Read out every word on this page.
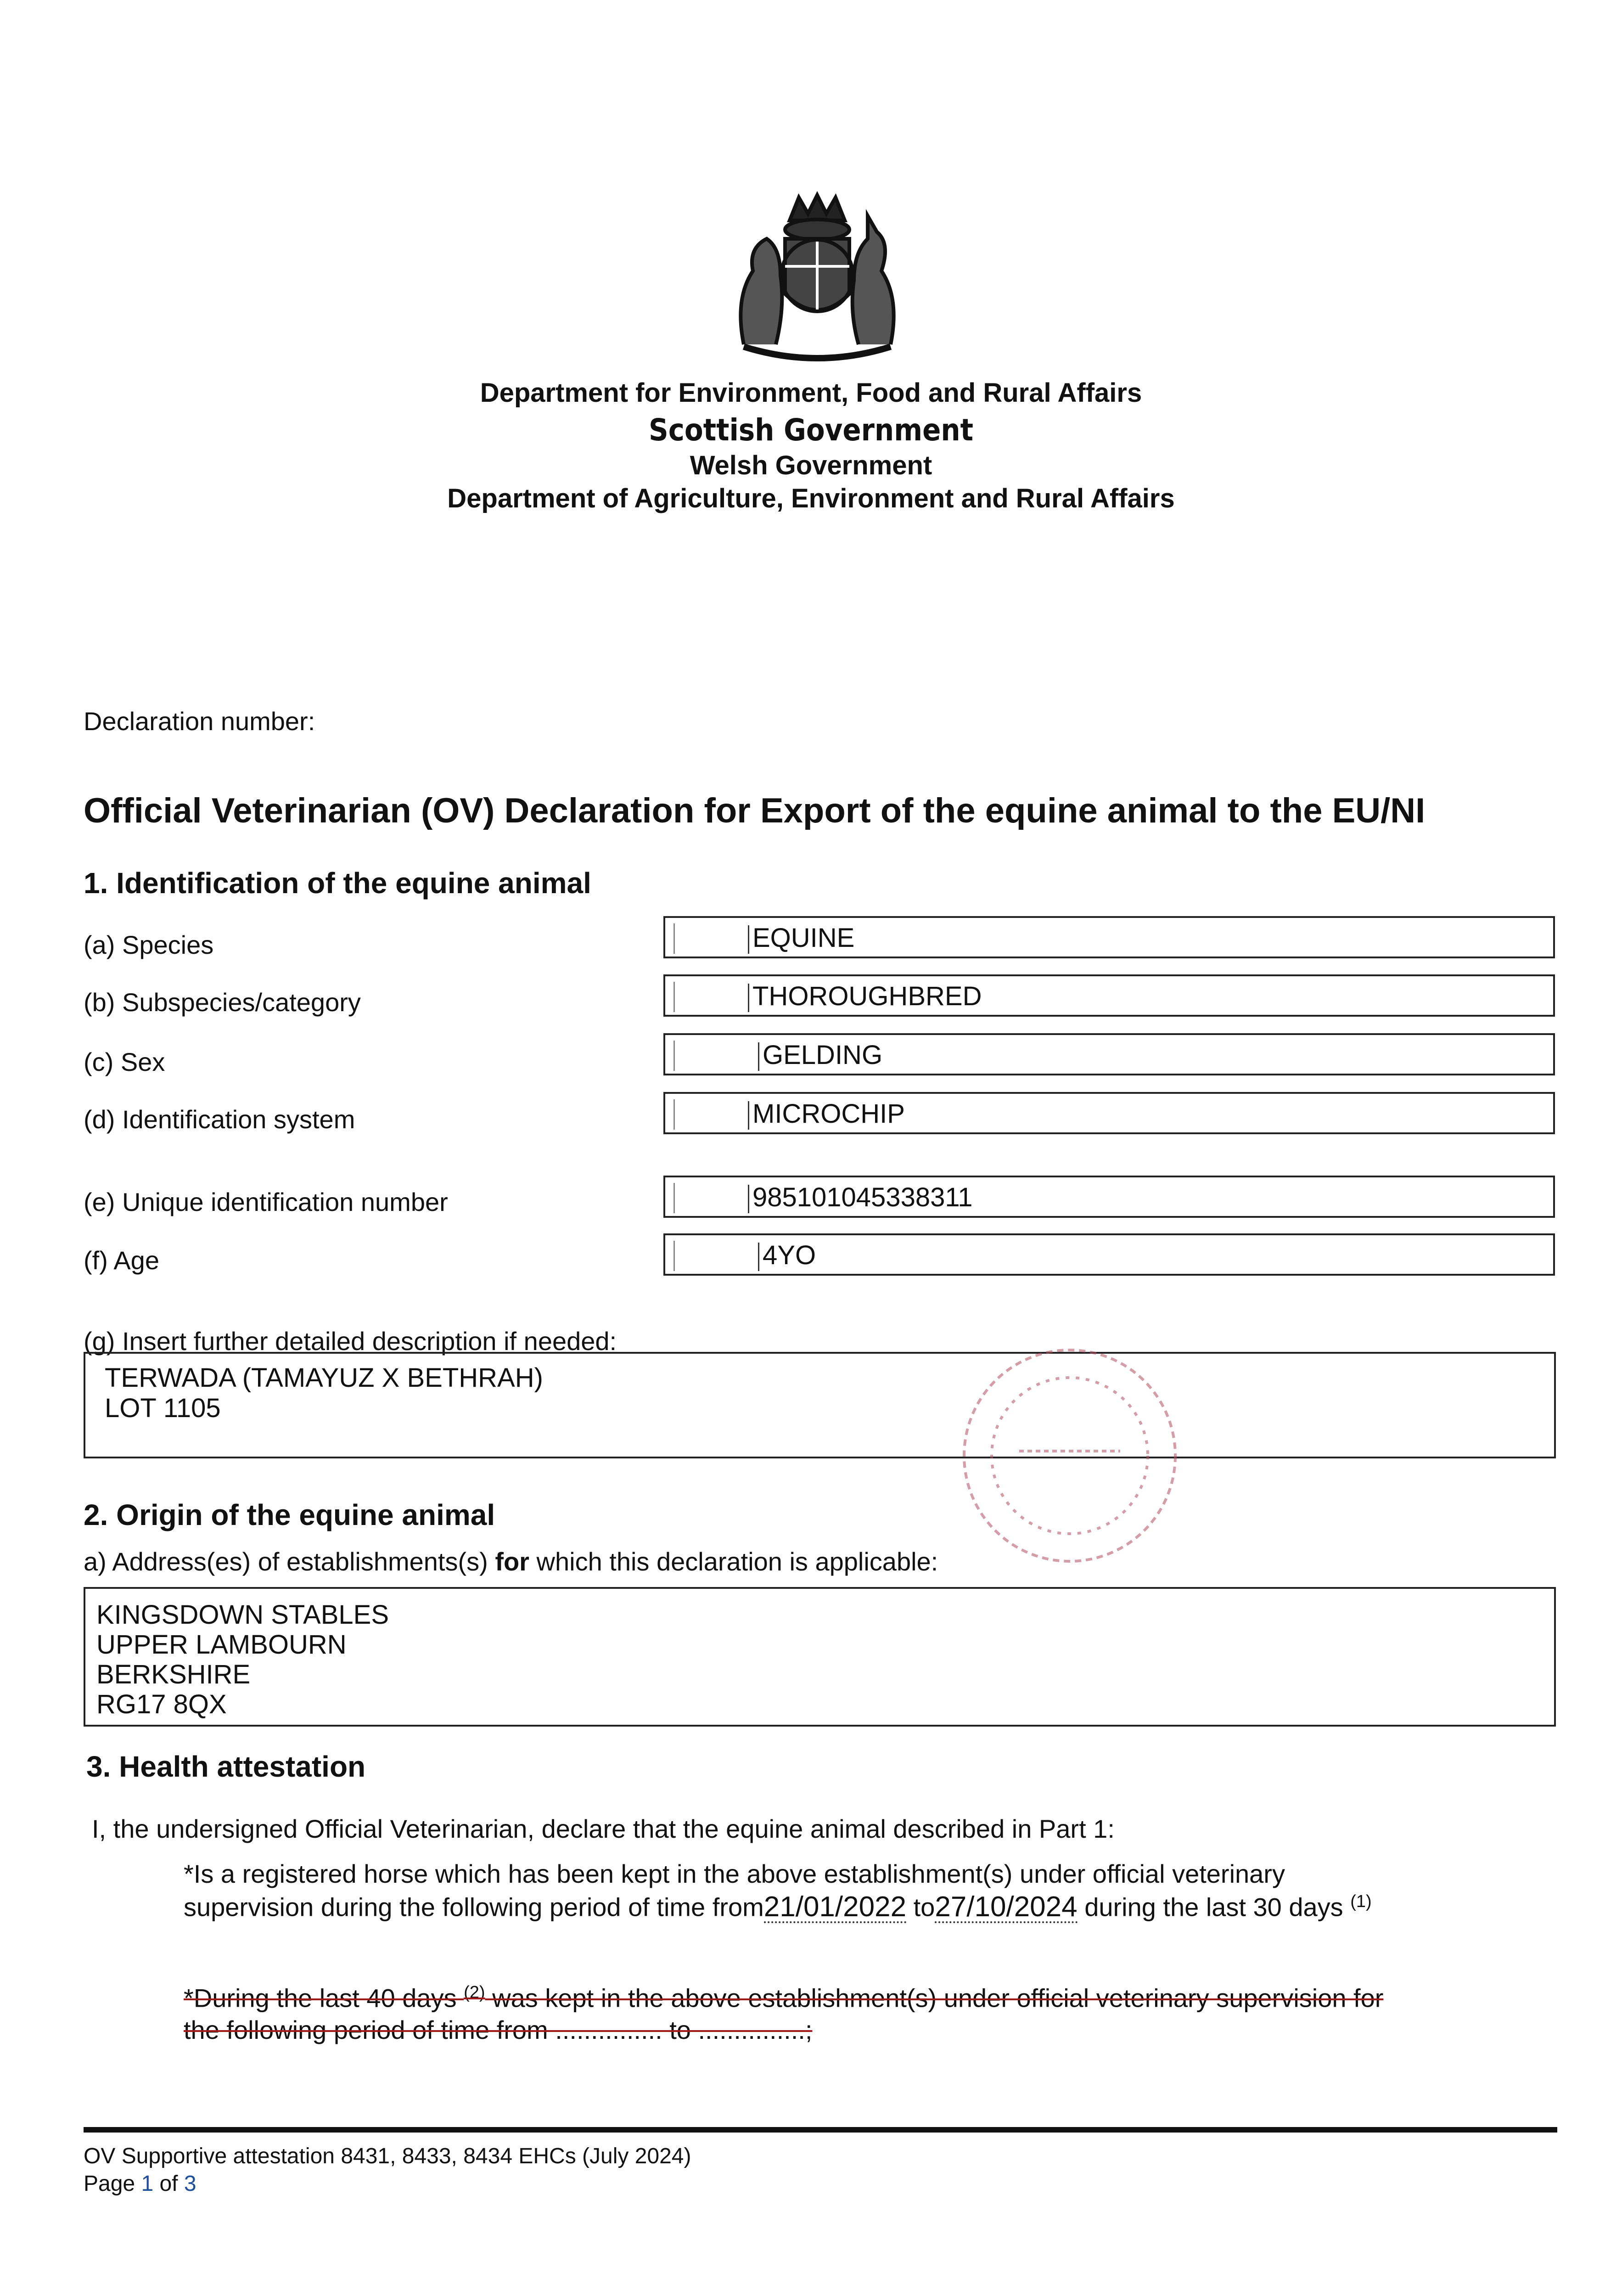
Department for Environment, Food and Rural Affairs
Scottish Government
Welsh Government
Department of Agriculture, Environment and Rural Affairs
Declaration number:
Official Veterinarian (OV) Declaration for Export of the equine animal to the EU/NI
1. Identification of the equine animal
(a) Species	EQUINE
(b) Subspecies/category	THOROUGHBRED
(c) Sex	GELDING
(d) Identification system	MICROCHIP
(e) Unique identification number	985101045338311
(f) Age	4YO
(g) Insert further detailed description if needed:
TERWADA (TAMAYUZ X BETHRAH)
LOT 1105
2. Origin of the equine animal
a) Address(es) of establishments(s) for which this declaration is applicable:
KINGSDOWN STABLES
UPPER LAMBOURN
BERKSHIRE
RG17 8QX
3. Health attestation
I, the undersigned Official Veterinarian, declare that the equine animal described in Part 1:
*Is a registered horse which has been kept in the above establishment(s) under official veterinary
supervision during the following period of time from21/01/2022 to27/10/2024 during the last 30 days $^{(1)}$
*During the last 40 days $^{(2)}$ was kept in the above establishment(s) under official veterinary supervision for
the following period of time from ............... to ...............;
OV Supportive attestation 8431, 8433, 8434 EHCs (July 2024)
Page 1 of 3
